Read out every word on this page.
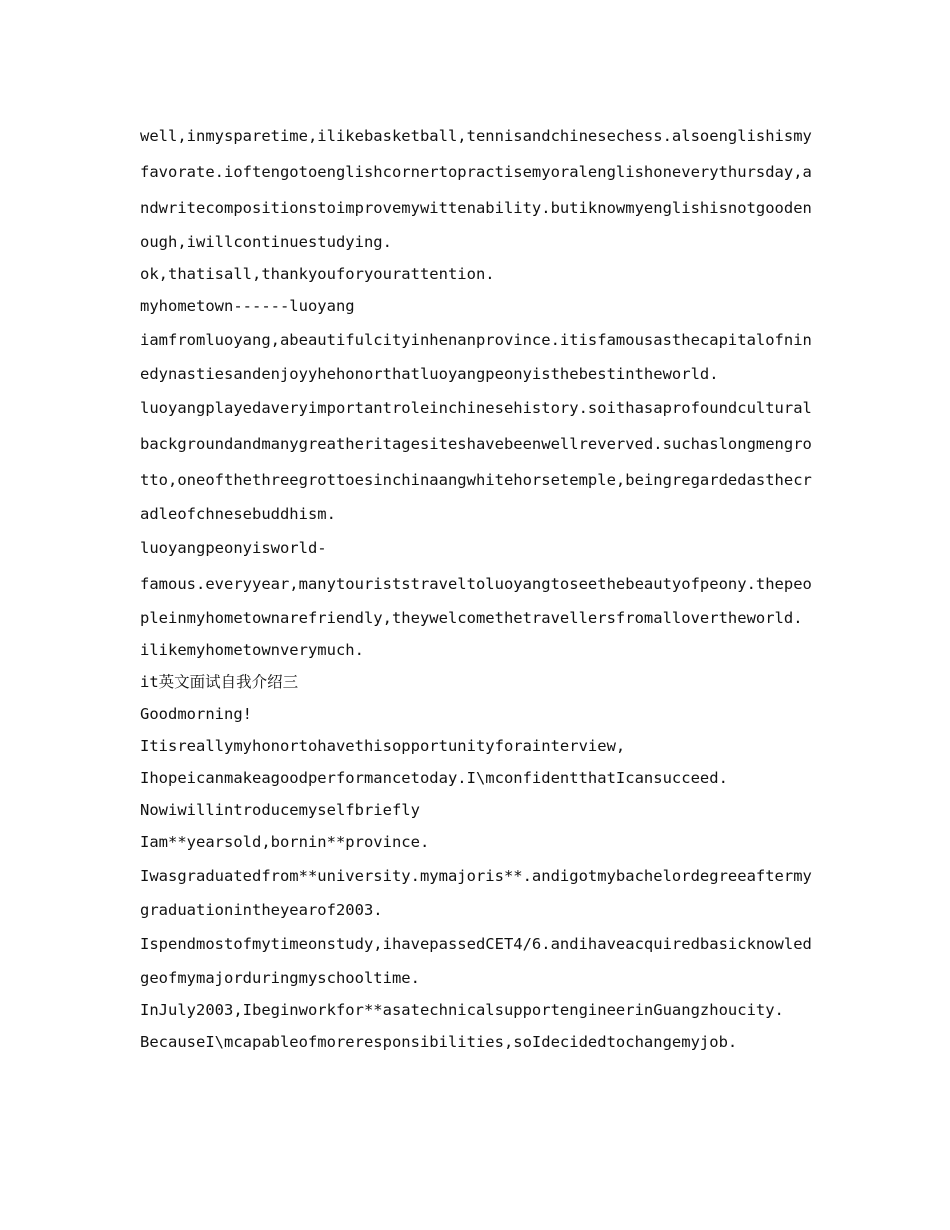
well,inmysparetime,ilikebasketball,tennisandchinesechess.alsoenglishismy

favorate.ioftengotoenglishcornertopractisemyoralenglishoneverythursday,a

ndwritecompositionstoimprovemywittenability.butiknowmyenglishisnotgooden

ough,iwillcontinuestudying.

ok,thatisall,thankyouforyourattention.

myhometown------luoyang

iamfromluoyang,abeautifulcityinhenanprovince.itisfamousasthecapitalofnin

edynastiesandenjoyyhehonorthatluoyangpeonyisthebestintheworld.

luoyangplayedaveryimportantroleinchinesehistory.soithasaprofoundcultural

backgroundandmanygreatheritagesiteshavebeenwellreverved.suchaslongmengro

tto,oneofthethreegrottoesinchinaangwhitehorsetemple,beingregardedasthecr

adleofchnesebuddhism.

luoyangpeonyisworld-

famous.everyyear,manytouriststraveltoluoyangtoseethebeautyofpeony.thepeo

pleinmyhometownarefriendly,theywelcomethetravellersfromallovertheworld.

ilikemyhometownverymuch.

it英文面试自我介绍三

Goodmorning!

Itisreallymyhonortohavethisopportunityforainterview,

Ihopeicanmakeagoodperformancetoday.I\mconfidentthatIcansucceed.

Nowiwillintroducemyselfbriefly

Iam**yearsold,bornin**province.

Iwasgraduatedfrom**university.mymajoris**.andigotmybachelordegreeaftermy

graduationintheyearof2003.

Ispendmostofmytimeonstudy,ihavepassedCET4/6.andihaveacquiredbasicknowled

geofmymajorduringmyschooltime.

InJuly2003,Ibeginworkfor**asatechnicalsupportengineerinGuangzhoucity.

BecauseI\mcapableofmoreresponsibilities,soIdecidedtochangemyjob.
